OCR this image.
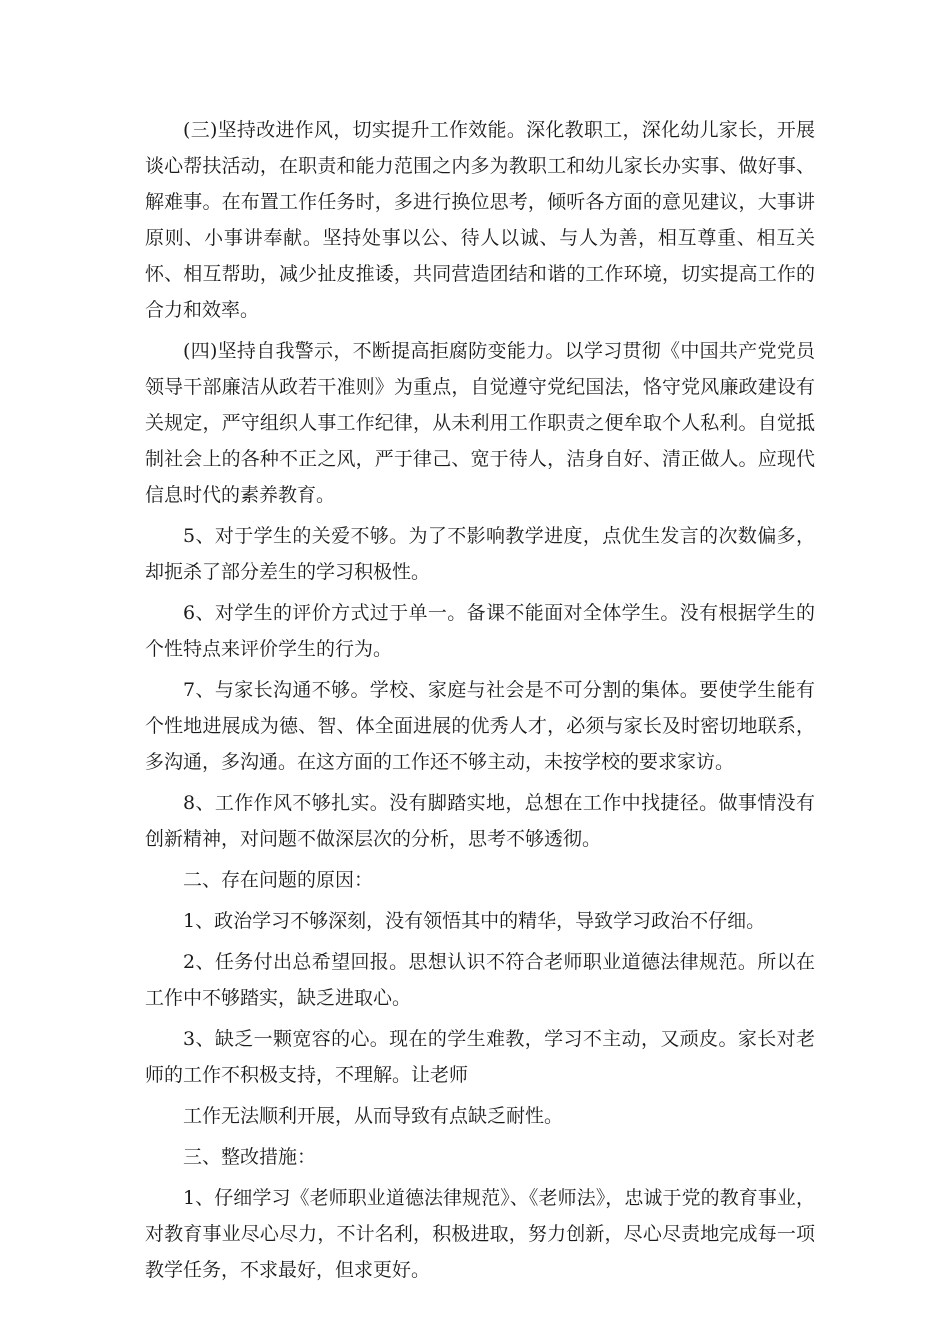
(三)坚持改进作风，切实提升工作效能。深化教职工，深化幼儿家长，开展谈心帮扶活动，在职责和能力范围之内多为教职工和幼儿家长办实事、做好事、解难事。在布置工作任务时，多进行换位思考，倾听各方面的意见建议，大事讲原则、小事讲奉献。坚持处事以公、待人以诚、与人为善，相互尊重、相互关怀、相互帮助，减少扯皮推诿，共同营造团结和谐的工作环境，切实提高工作的合力和效率。

(四)坚持自我警示，不断提高拒腐防变能力。以学习贯彻《中国共产党党员领导干部廉洁从政若干准则》为重点，自觉遵守党纪国法，恪守党风廉政建设有关规定，严守组织人事工作纪律，从未利用工作职责之便牟取个人私利。自觉抵制社会上的各种不正之风，严于律己、宽于待人，洁身自好、清正做人。应现代信息时代的素养教育。

5、对于学生的关爱不够。为了不影响教学进度，点优生发言的次数偏多，却扼杀了部分差生的学习积极性。

6、对学生的评价方式过于单一。备课不能面对全体学生。没有根据学生的个性特点来评价学生的行为。

7、与家长沟通不够。学校、家庭与社会是不可分割的集体。要使学生能有个性地进展成为德、智、体全面进展的优秀人才，必须与家长及时密切地联系，多沟通，多沟通。在这方面的工作还不够主动，未按学校的要求家访。

8、工作作风不够扎实。没有脚踏实地，总想在工作中找捷径。做事情没有创新精神，对问题不做深层次的分析，思考不够透彻。

二、存在问题的原因：

1、政治学习不够深刻，没有领悟其中的精华，导致学习政治不仔细。

2、任务付出总希望回报。思想认识不符合老师职业道德法律规范。所以在工作中不够踏实，缺乏进取心。

3、缺乏一颗宽容的心。现在的学生难教，学习不主动，又顽皮。家长对老师的工作不积极支持，不理解。让老师

工作无法顺利开展，从而导致有点缺乏耐性。

三、整改措施：

1、仔细学习《老师职业道德法律规范》、《老师法》，忠诚于党的教育事业， 对教育事业尽心尽力，不计名利，积极进取，努力创新，尽心尽责地完成每一项教学任务，不求最好，但求更好。
